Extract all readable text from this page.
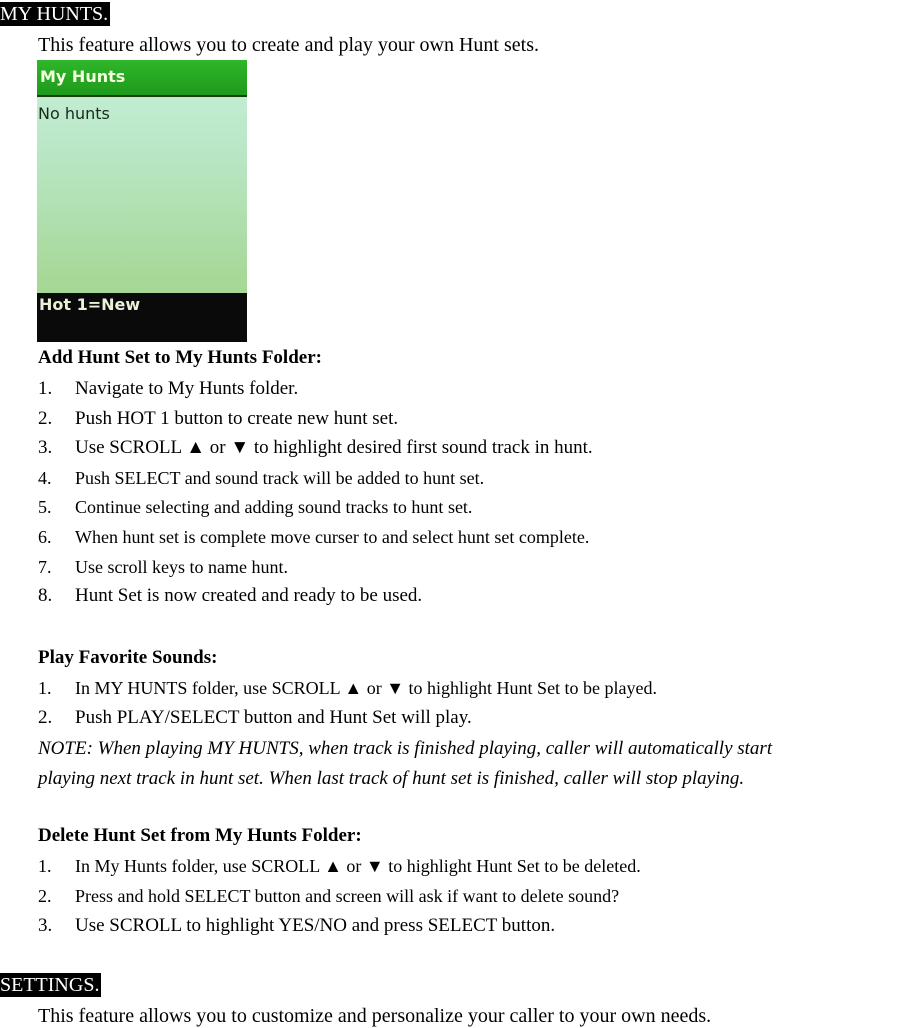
MY HUNTS.
This feature allows you to create and play your own Hunt sets.
My Hunts
No hunts
Hot 1=New
Add Hunt Set to My Hunts Folder:
1. Navigate to My Hunts folder.
2. Push HOT 1 button to create new hunt set.
3. Use SCROLL ▲ or ▼ to highlight desired first sound track in hunt.
4. Push SELECT and sound track will be added to hunt set.
5. Continue selecting and adding sound tracks to hunt set.
6. When hunt set is complete move curser to and select hunt set complete.
7. Use scroll keys to name hunt.
8. Hunt Set is now created and ready to be used.
Play Favorite Sounds:
1. In MY HUNTS folder, use SCROLL ▲ or ▼ to highlight Hunt Set to be played.
2. Push PLAY/SELECT button and Hunt Set will play.
NOTE: When playing MY HUNTS, when track is finished playing, caller will automatically start
playing next track in hunt set. When last track of hunt set is finished, caller will stop playing.
Delete Hunt Set from My Hunts Folder:
1. In My Hunts folder, use SCROLL ▲ or ▼ to highlight Hunt Set to be deleted.
2. Press and hold SELECT button and screen will ask if want to delete sound?
3. Use SCROLL to highlight YES/NO and press SELECT button.
SETTINGS.
This feature allows you to customize and personalize your caller to your own needs.
